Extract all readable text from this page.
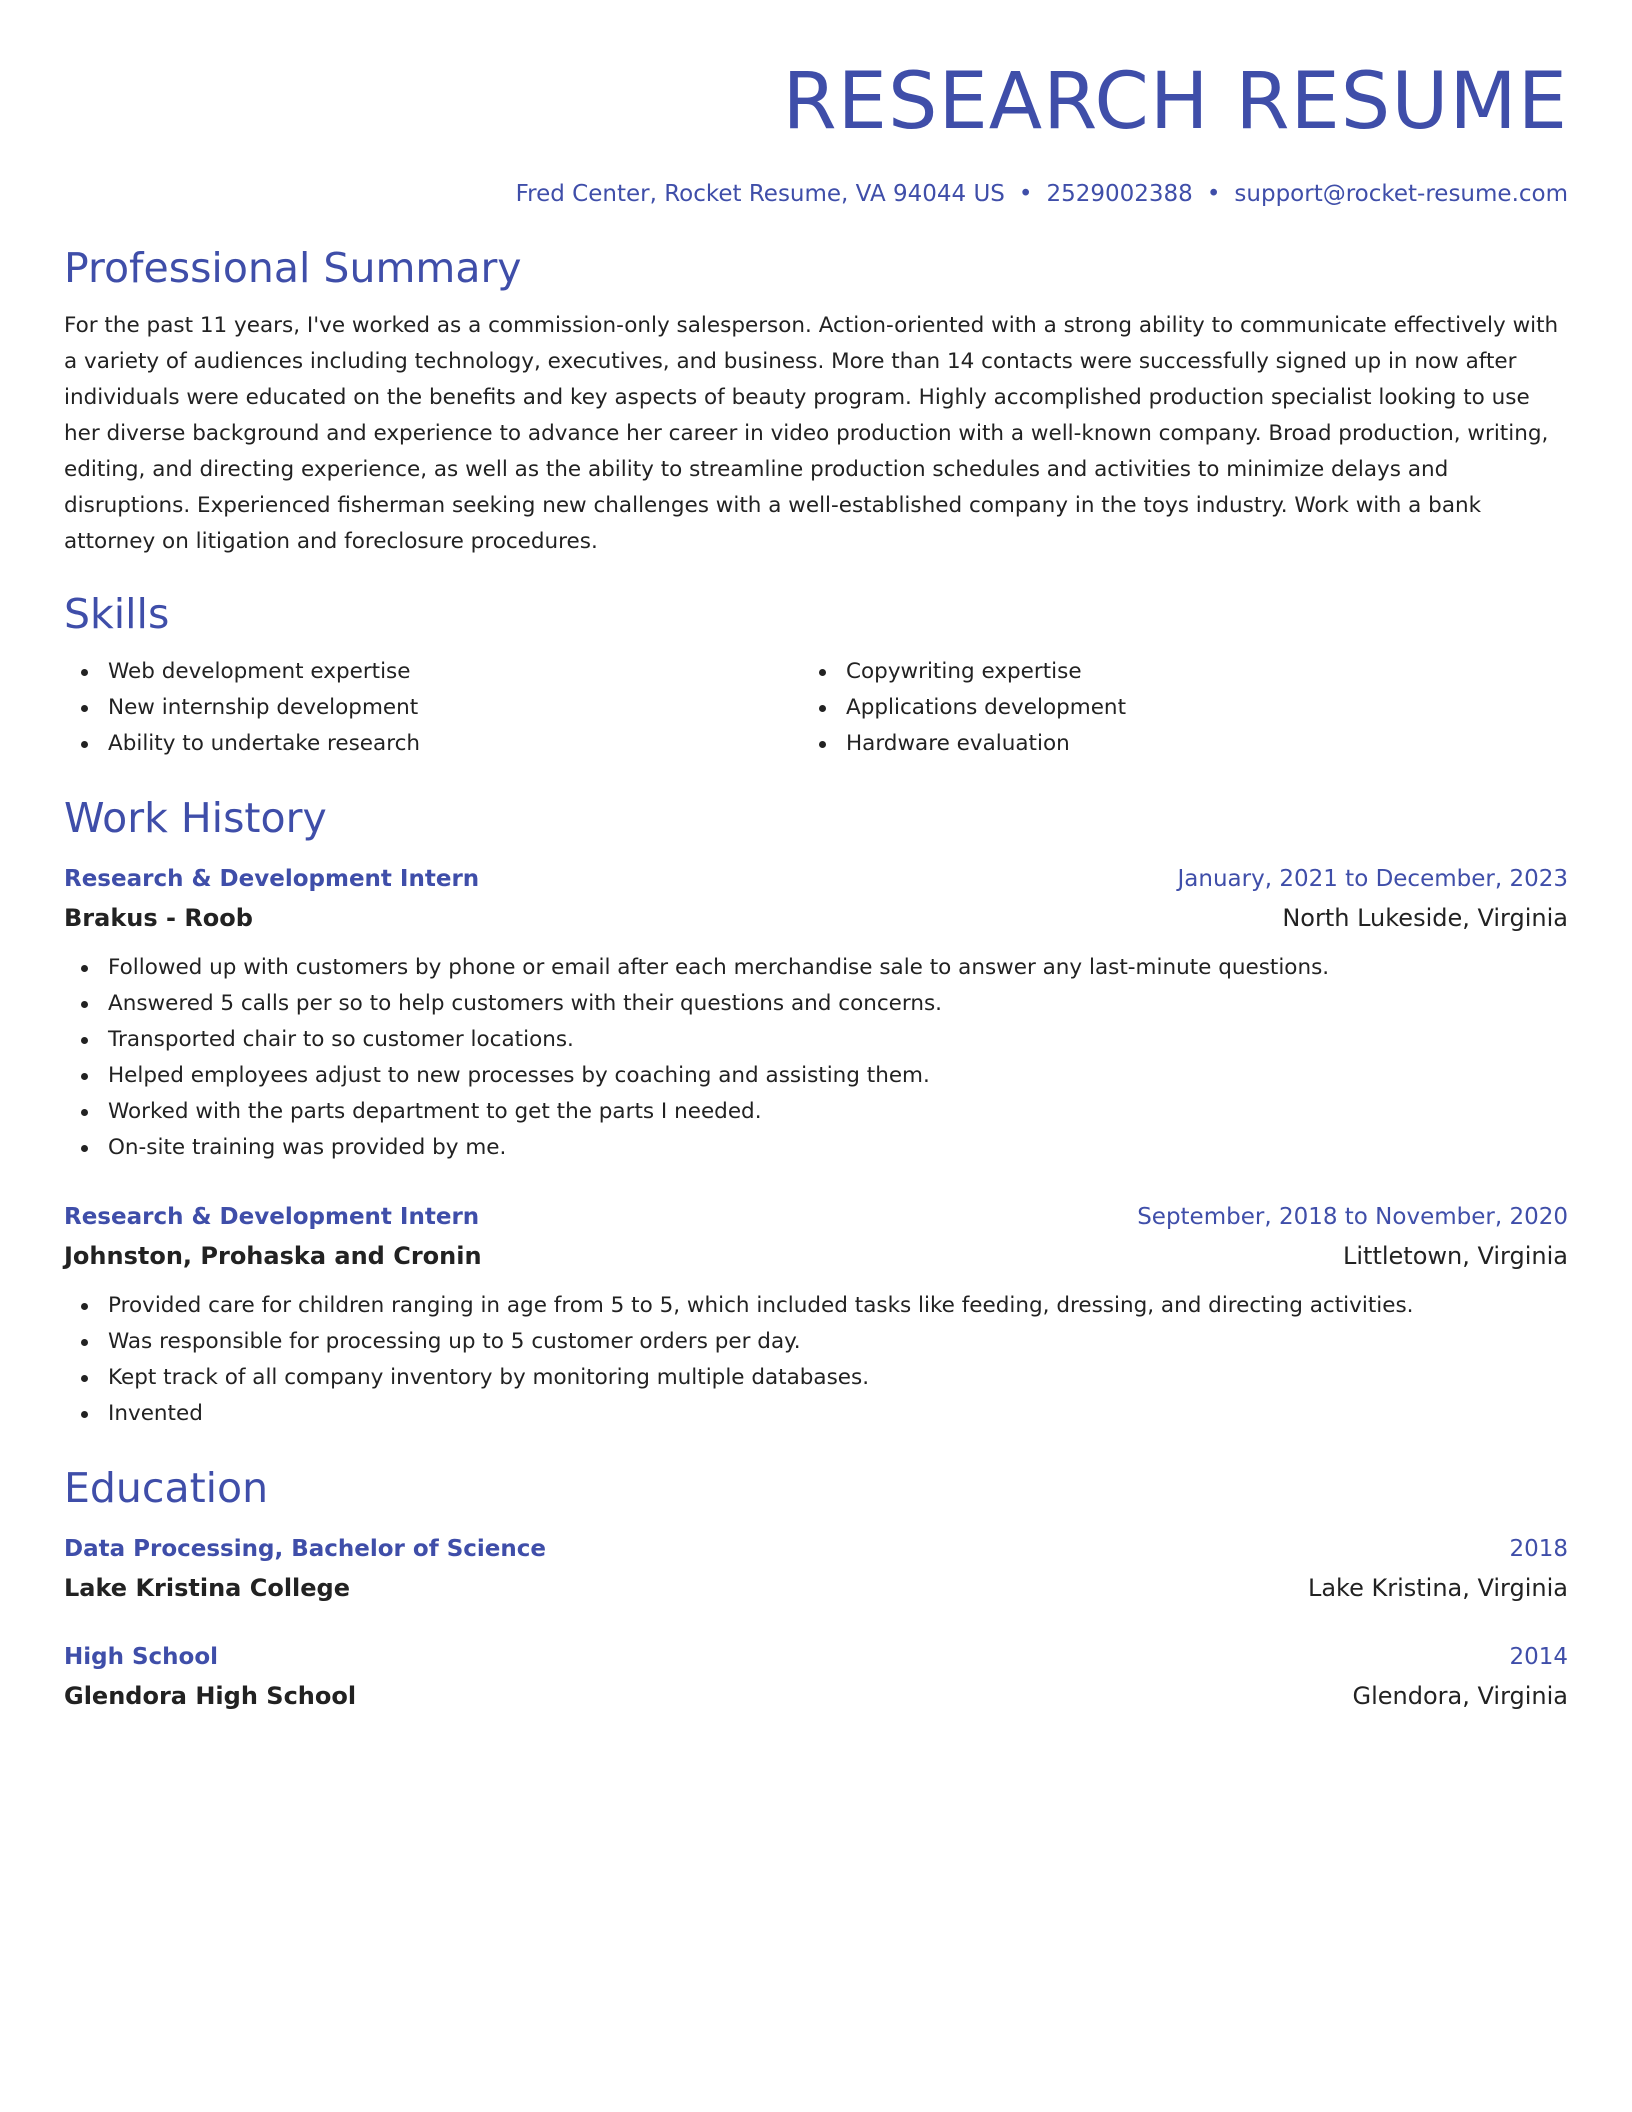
RESEARCH RESUME
Fred Center, Rocket Resume, VA 94044 US • 2529002388 • support@rocket-resume.com
Professional Summary

For the past 11 years, I've worked as a commission-only salesperson. Action-oriented with a strong ability to communicate effectively with a variety of audiences including technology, executives, and business. More than 14 contacts were successfully signed up in now after individuals were educated on the benefits and key aspects of beauty program. Highly accomplished production specialist looking to use her diverse background and experience to advance her career in video production with a well-known company. Broad production, writing, editing, and directing experience, as well as the ability to streamline production schedules and activities to minimize delays and disruptions. Experienced fisherman seeking new challenges with a well-established company in the toys industry. Work with a bank attorney on litigation and foreclosure procedures.

Skills
Web development expertise
New internship development
Ability to undertake research
Copywriting expertise
Applications development
Hardware evaluation
Work History
Research & Development Intern	January, 2021 to December, 2023
Brakus - Roob	North Lukeside, Virginia
Followed up with customers by phone or email after each merchandise sale to answer any last-minute questions.
Answered 5 calls per so to help customers with their questions and concerns.
Transported chair to so customer locations.
Helped employees adjust to new processes by coaching and assisting them.
Worked with the parts department to get the parts I needed.
On-site training was provided by me.
Research & Development Intern	September, 2018 to November, 2020
Johnston, Prohaska and Cronin	Littletown, Virginia
Provided care for children ranging in age from 5 to 5, which included tasks like feeding, dressing, and directing activities.
Was responsible for processing up to 5 customer orders per day.
Kept track of all company inventory by monitoring multiple databases.
Invented
Education
Data Processing, Bachelor of Science	2018
Lake Kristina College	Lake Kristina, Virginia
High School	2014
Glendora High School	Glendora, Virginia
